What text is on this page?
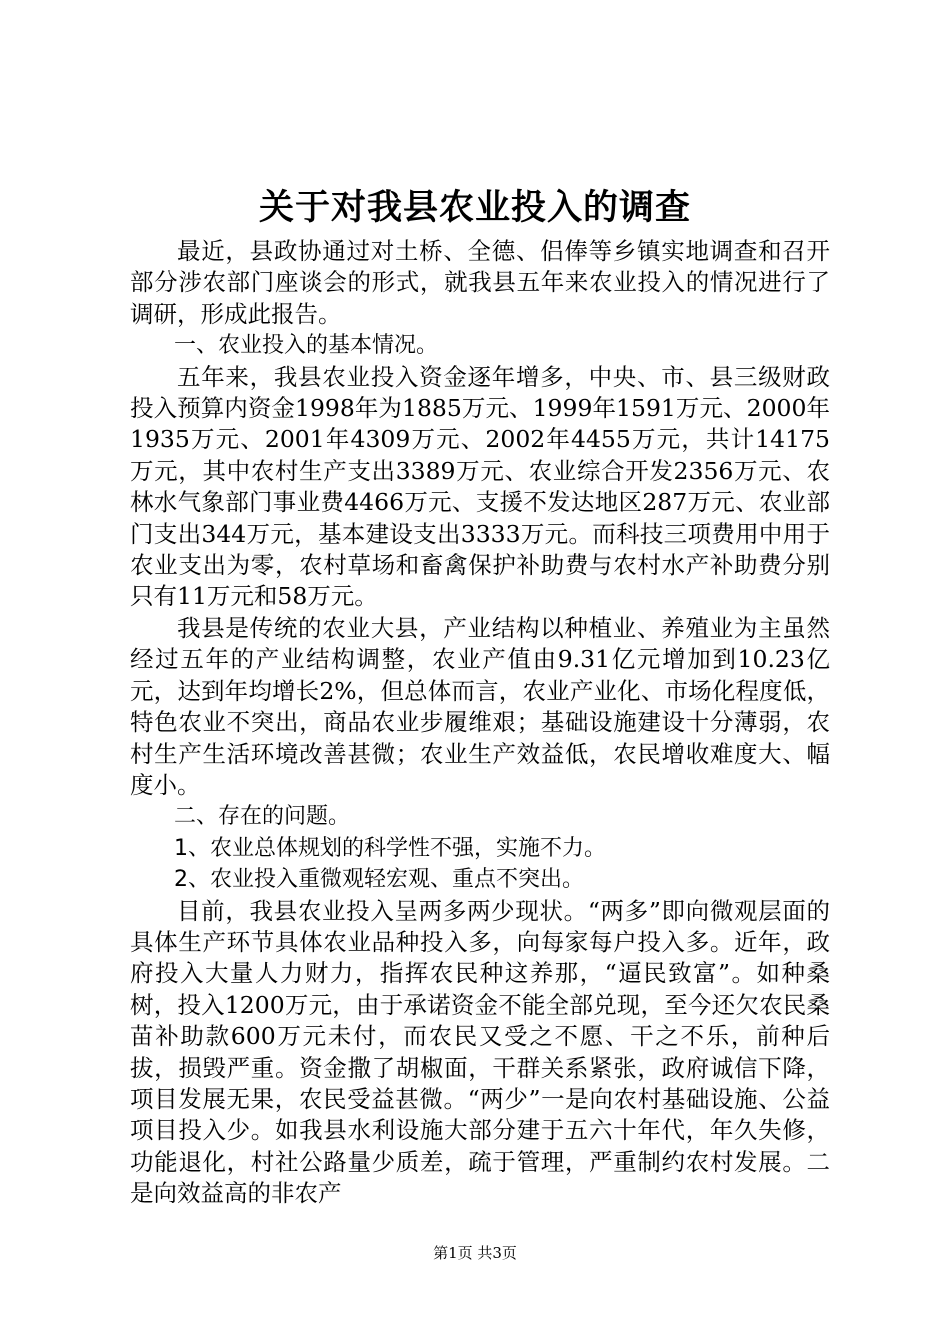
关于对我县农业投入的调查

最近，县政协通过对土桥、全德、侣俸等乡镇实地调查和召开部分涉农部门座谈会的形式，就我县五年来农业投入的情况进行了调研，形成此报告。

一、农业投入的基本情况。

五年来，我县农业投入资金逐年增多，中央、市、县三级财政投入预算内资金1998年为1885万元、1999年1591万元、2000年1935万元、2001年4309万元、2002年4455万元，共计14175万元，其中农村生产支出3389万元、农业综合开发2356万元、农林水气象部门事业费4466万元、支援不发达地区287万元、农业部门支出344万元，基本建设支出3333万元。而科技三项费用中用于农业支出为零，农村草场和畜禽保护补助费与农村水产补助费分别只有11万元和58万元。

我县是传统的农业大县，产业结构以种植业、养殖业为主虽然经过五年的产业结构调整，农业产值由9.31亿元增加到10.23亿元，达到年均增长2%，但总体而言，农业产业化、市场化程度低，特色农业不突出，商品农业步履维艰；基础设施建设十分薄弱，农村生产生活环境改善甚微；农业生产效益低，农民增收难度大、幅度小。

二、存在的问题。

1、农业总体规划的科学性不强，实施不力。

2、农业投入重微观轻宏观、重点不突出。

目前，我县农业投入呈两多两少现状。“两多”即向微观层面的具体生产环节具体农业品种投入多，向每家每户投入多。近年，政府投入大量人力财力，指挥农民种这养那，“逼民致富”。如种桑树，投入1200万元，由于承诺资金不能全部兑现，至今还欠农民桑苗补助款600万元未付，而农民又受之不愿、干之不乐，前种后拔，损毁严重。资金撒了胡椒面，干群关系紧张，政府诚信下降，项目发展无果，农民受益甚微。“两少”一是向农村基础设施、公益项目投入少。如我县水利设施大部分建于五六十年代，年久失修，功能退化，村社公路量少质差，疏于管理，严重制约农村发展。二是向效益高的非农产

第1页 共3页
